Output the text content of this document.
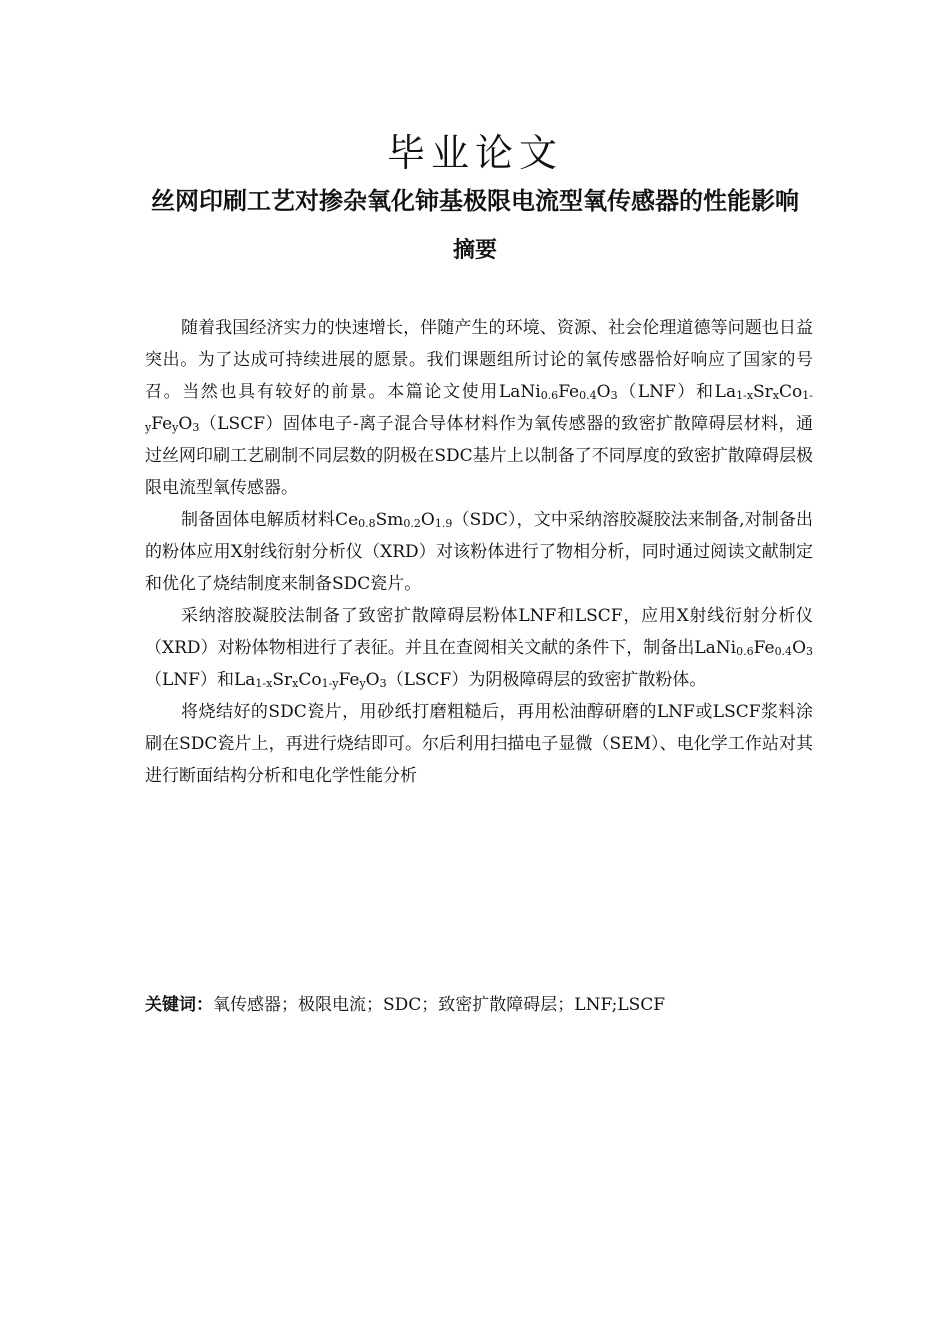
毕业论文
丝网印刷工艺对掺杂氧化铈基极限电流型氧传感器的性能影响
摘要

随着我国经济实力的快速增长，伴随产生的环境、资源、社会伦理道德等问题也日益突出。为了达成可持续进展的愿景。我们课题组所讨论的氧传感器恰好响应了国家的号召。当然也具有较好的前景。本篇论文使用$LaNi_{0.6}Fe_{0.4}O_3(LNF)$和$La_{1-x}Sr_xCo_{1-y}Fe_yO_3(LSCF)$固体电子-离子混合导体材料作为氧传感器的致密扩散障碍层材料，通过丝网印刷工艺刷制不同层数的阴极在SDC基片上以制备了不同厚度的致密扩散障碍层极限电流型氧传感器。

制备固体电解质材料$Ce_{0.8}Sm_{0.2}O_{1.9}(SDC)$，文中采纳溶胶凝胶法来制备,对制备出的粉体应用X射线衍射分析仪（XRD）对该粉体进行了物相分析，同时通过阅读文献制定和优化了烧结制度来制备SDC瓷片。

采纳溶胶凝胶法制备了致密扩散障碍层粉体LNF和LSCF，应用X射线衍射分析仪（XRD）对粉体物相进行了表征。并且在查阅相关文献的条件下，制备出$LaNi_{0.6}Fe_{0.4}O_3(LNF)$和$La_{1-x}Sr_xCo_{1-y}Fe_yO_3(LSCF)$为阴极障碍层的致密扩散粉体。

将烧结好的SDC瓷片，用砂纸打磨粗糙后，再用松油醇研磨的LNF或LSCF浆料涂刷在SDC瓷片上，再进行烧结即可。尔后利用扫描电子显微（SEM）、电化学工作站对其进行断面结构分析和电化学性能分析

关键词：氧传感器；极限电流；SDC；致密扩散障碍层；LNF;LSCF
